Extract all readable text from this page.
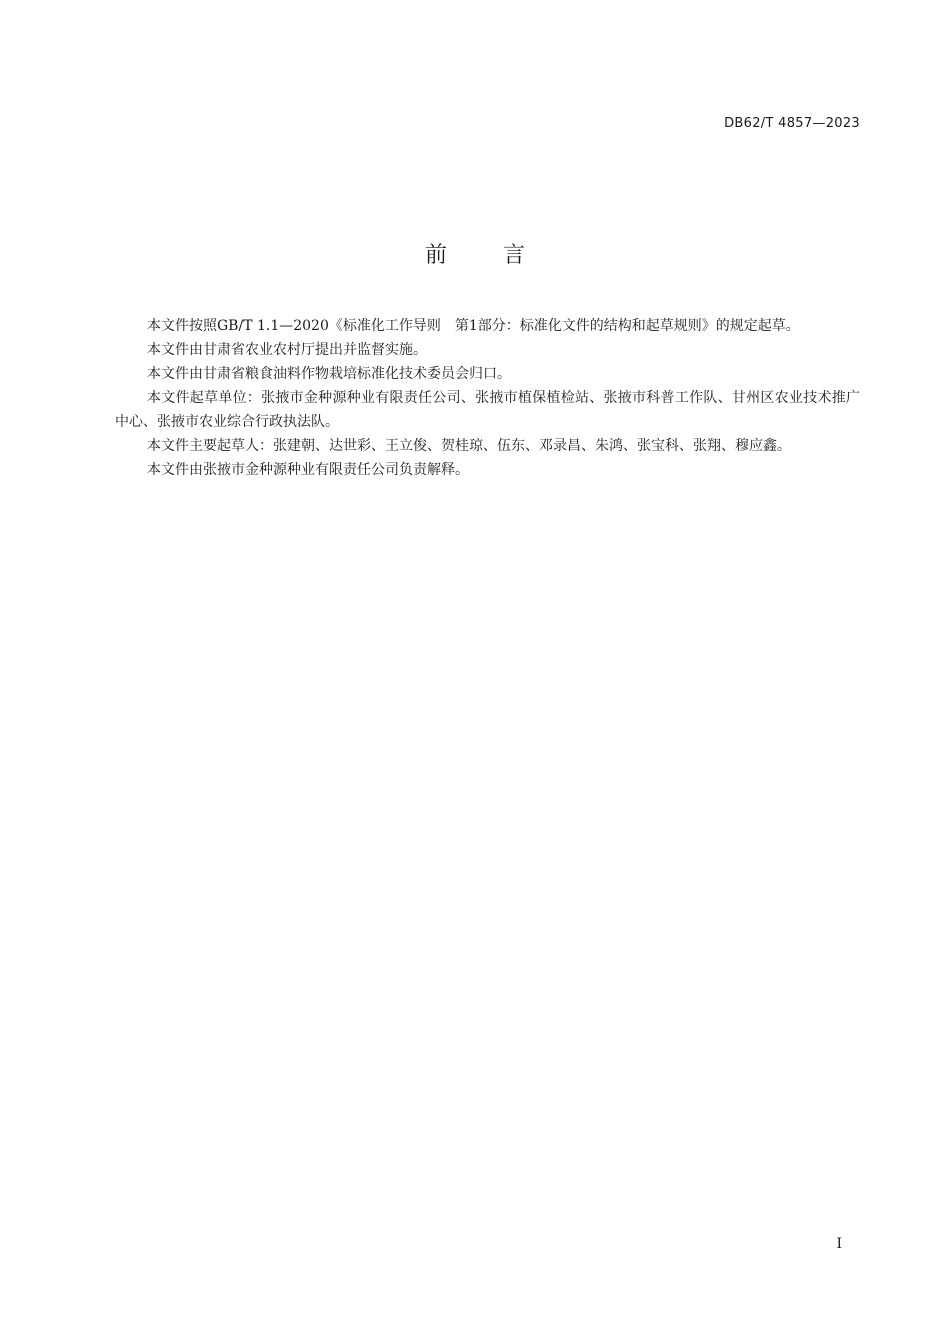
DB62/T 4857—2023
前言

本文件按照GB/T 1.1—2020《标准化工作导则　第1部分：标准化文件的结构和起草规则》的规定起草。

本文件由甘肃省农业农村厅提出并监督实施。

本文件由甘肃省粮食油料作物栽培标准化技术委员会归口。

本文件起草单位：张掖市金种源种业有限责任公司、张掖市植保植检站、张掖市科普工作队、甘州区农业技术推广中心、张掖市农业综合行政执法队。

本文件主要起草人：张建朝、达世彩、王立俊、贺桂琼、伍东、邓录昌、朱鸿、张宝科、张翔、穆应鑫。

本文件由张掖市金种源种业有限责任公司负责解释。

I
